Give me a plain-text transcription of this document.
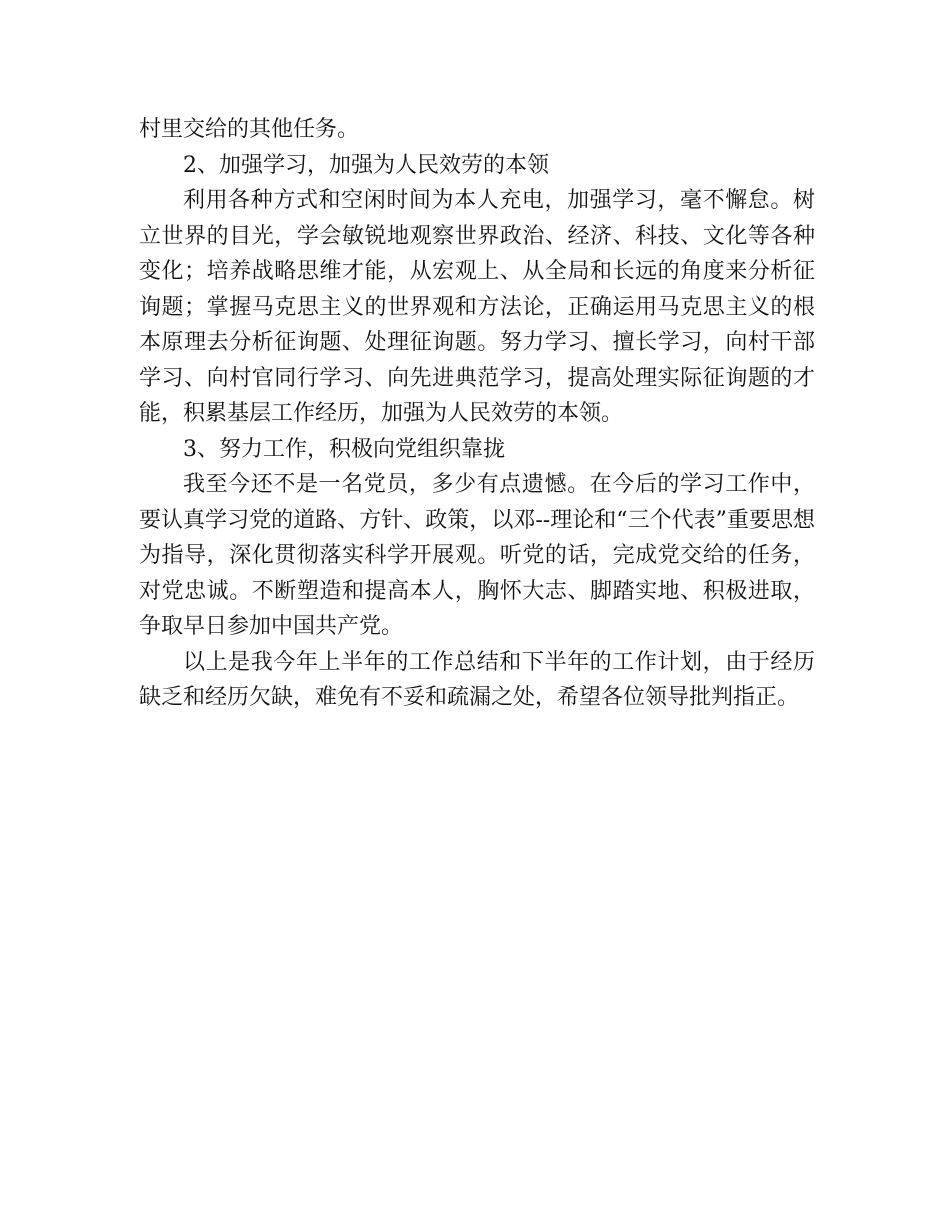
村里交给的其他任务。

2、加强学习，加强为人民效劳的本领

利用各种方式和空闲时间为本人充电，加强学习，毫不懈怠。树立世界的目光，学会敏锐地观察世界政治、经济、科技、文化等各种变化；培养战略思维才能，从宏观上、从全局和长远的角度来分析征询题；掌握马克思主义的世界观和方法论，正确运用马克思主义的根本原理去分析征询题、处理征询题。努力学习、擅长学习，向村干部学习、向村官同行学习、向先进典范学习，提高处理实际征询题的才能，积累基层工作经历，加强为人民效劳的本领。

3、努力工作，积极向党组织靠拢

我至今还不是一名党员，多少有点遗憾。在今后的学习工作中，要认真学习党的道路、方针、政策，以邓--理论和“三个代表”重要思想为指导，深化贯彻落实科学开展观。听党的话，完成党交给的任务，对党忠诚。不断塑造和提高本人，胸怀大志、脚踏实地、积极进取，争取早日参加中国共产党。

以上是我今年上半年的工作总结和下半年的工作计划，由于经历缺乏和经历欠缺，难免有不妥和疏漏之处，希望各位领导批判指正。
